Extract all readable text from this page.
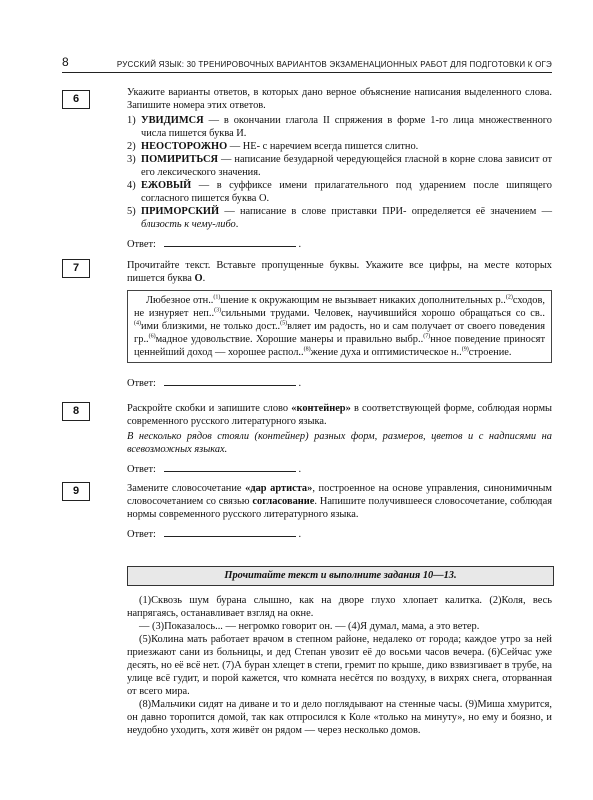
8	РУССКИЙ ЯЗЫК: 30 ТРЕНИРОВОЧНЫХ ВАРИАНТОВ ЭКЗАМЕНАЦИОННЫХ РАБОТ ДЛЯ ПОДГОТОВКИ К ОГЭ
6

Укажите варианты ответов, в которых дано верное объяснение написания выделенного слова. Запишите номера этих ответов.

1) УВИДИМСЯ — в окончании глагола II спряжения в форме 1-го лица множественного числа пишется буква И.
2) НЕОСТОРОЖНО — НЕ- с наречием всегда пишется слитно.
3) ПОМИРИТЬСЯ — написание безударной чередующейся гласной в корне слова зависит от его лексического значения.
4) ЕЖОВЫЙ — в суффиксе имени прилагательного под ударением после шипящего согласного пишется буква О.
5) ПРИМОРСКИЙ — написание в слове приставки ПРИ- определяется её значением — близость к чему-либо.
Ответ:	.
7	Прочитайте текст. Вставьте пропущенные буквы. Укажите все цифры, на месте которых пишется буква О.

Любезное отн..$^{(1)}$шение к окружающим не вызывает никаких дополнительных р..$^{(2)}$сходов, не изнуряет неп..$^{(3)}$сильными трудами. Человек, научившийся хорошо обращаться со св..$^{(4)}$ими близкими, не только дост..$^{(5)}$вляет им радость, но и сам получает от своего поведения гр..$^{(6)}$мадное удовольствие. Хорошие манеры и правильно выбр..$^{(7)}$нное поведение приносят ценнейший доход — хорошее распол..$^{(8)}$жение духа и оптимистическое н..$^{(9)}$строение.

Ответ:	.
8	Раскройте скобки и запишите слово «контейнер» в соответствующей форме, соблюдая нормы современного русского литературного языка.

В несколько рядов стояли (контейнер) разных форм, размеров, цветов и с надписями на всевозможных языках.

Ответ:	.
9	Замените словосочетание «дар артиста», построенное на основе управления, синонимичным словосочетанием со связью согласование. Напишите получившееся словосочетание, соблюдая нормы современного русского литературного языка.

Ответ:	.
Прочитайте текст и выполните задания 10—13.

(1)Сквозь шум бурана слышно, как на дворе глухо хлопает калитка. (2)Коля, весь напрягаясь, останавливает взгляд на окне.

— (3)Показалось... — негромко говорит он. — (4)Я думал, мама, а это ветер.

(5)Колина мать работает врачом в степном районе, недалеко от города; каждое утро за ней приезжают сани из больницы, и дед Степан увозит её до восьми часов вечера. (6)Сейчас уже десять, но её всё нет. (7)А буран хлещет в степи, гремит по крыше, дико взвизгивает в трубе, на улице всё гудит, и порой кажется, что комната несётся по воздуху, в вихрях снега, оторванная от всего мира.

(8)Мальчики сидят на диване и то и дело поглядывают на стенные часы. (9)Миша хмурится, он давно торопится домой, так как отпросился к Коле «только на минуту», но ему и боязно, и неудобно уходить, хотя живёт он рядом — через несколько домов.
